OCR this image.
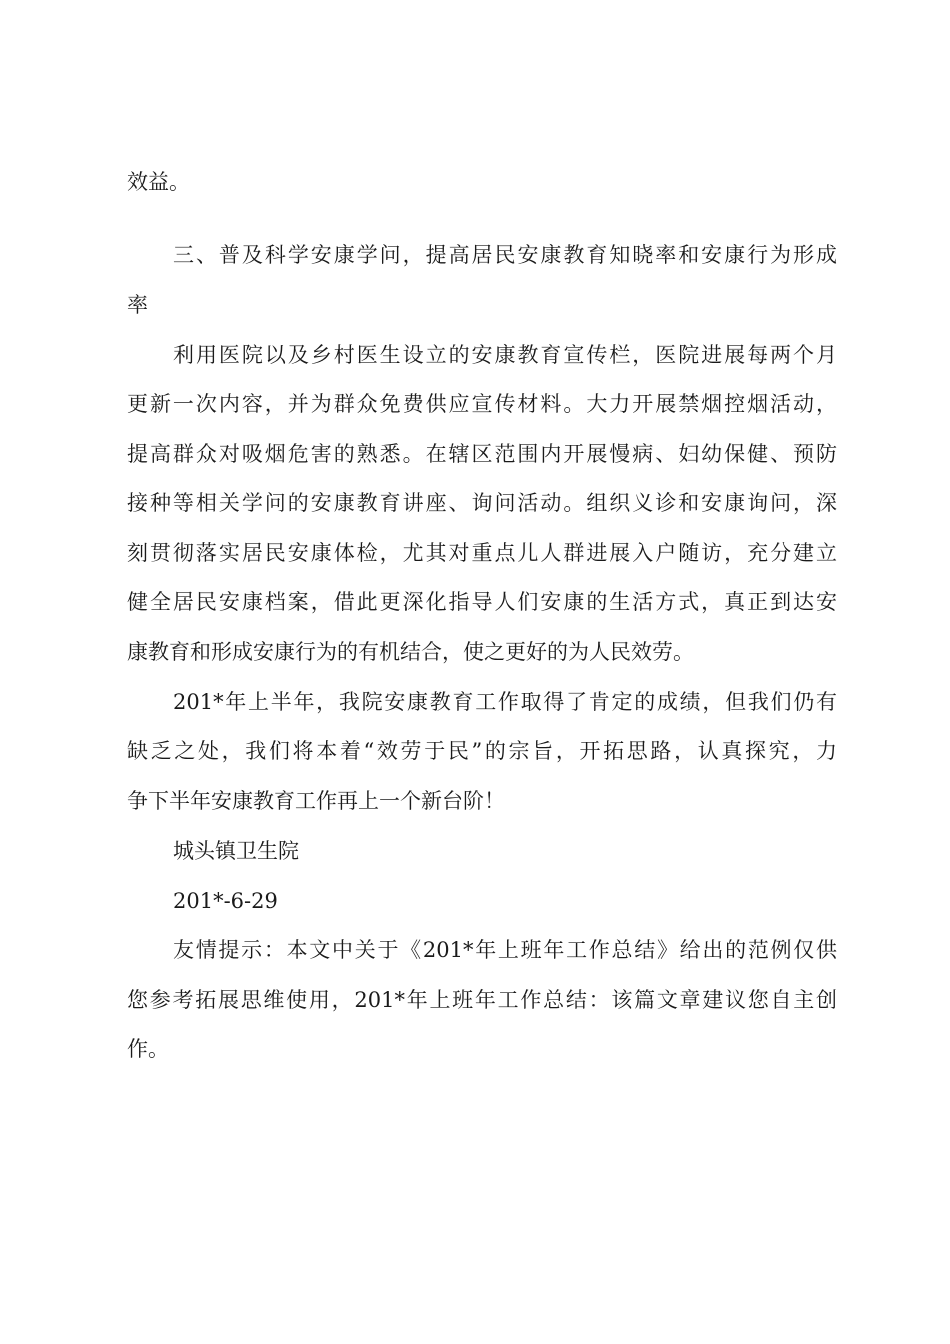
效益。
三、普及科学安康学问，提高居民安康教育知晓率和安康行为形成
率
利用医院以及乡村医生设立的安康教育宣传栏，医院进展每两个月
更新一次内容，并为群众免费供应宣传材料。大力开展禁烟控烟活动，
提高群众对吸烟危害的熟悉。在辖区范围内开展慢病、妇幼保健、预防
接种等相关学问的安康教育讲座、询问活动。组织义诊和安康询问，深
刻贯彻落实居民安康体检，尤其对重点儿人群进展入户随访，充分建立
健全居民安康档案，借此更深化指导人们安康的生活方式，真正到达安
康教育和形成安康行为的有机结合，使之更好的为人民效劳。
201*年上半年，我院安康教育工作取得了肯定的成绩，但我们仍有
缺乏之处，我们将本着“效劳于民”的宗旨，开拓思路，认真探究，力
争下半年安康教育工作再上一个新台阶！
城头镇卫生院
201*-6-29
友情提示：本文中关于《201*年上班年工作总结》给出的范例仅供
您参考拓展思维使用，201*年上班年工作总结：该篇文章建议您自主创
作。
